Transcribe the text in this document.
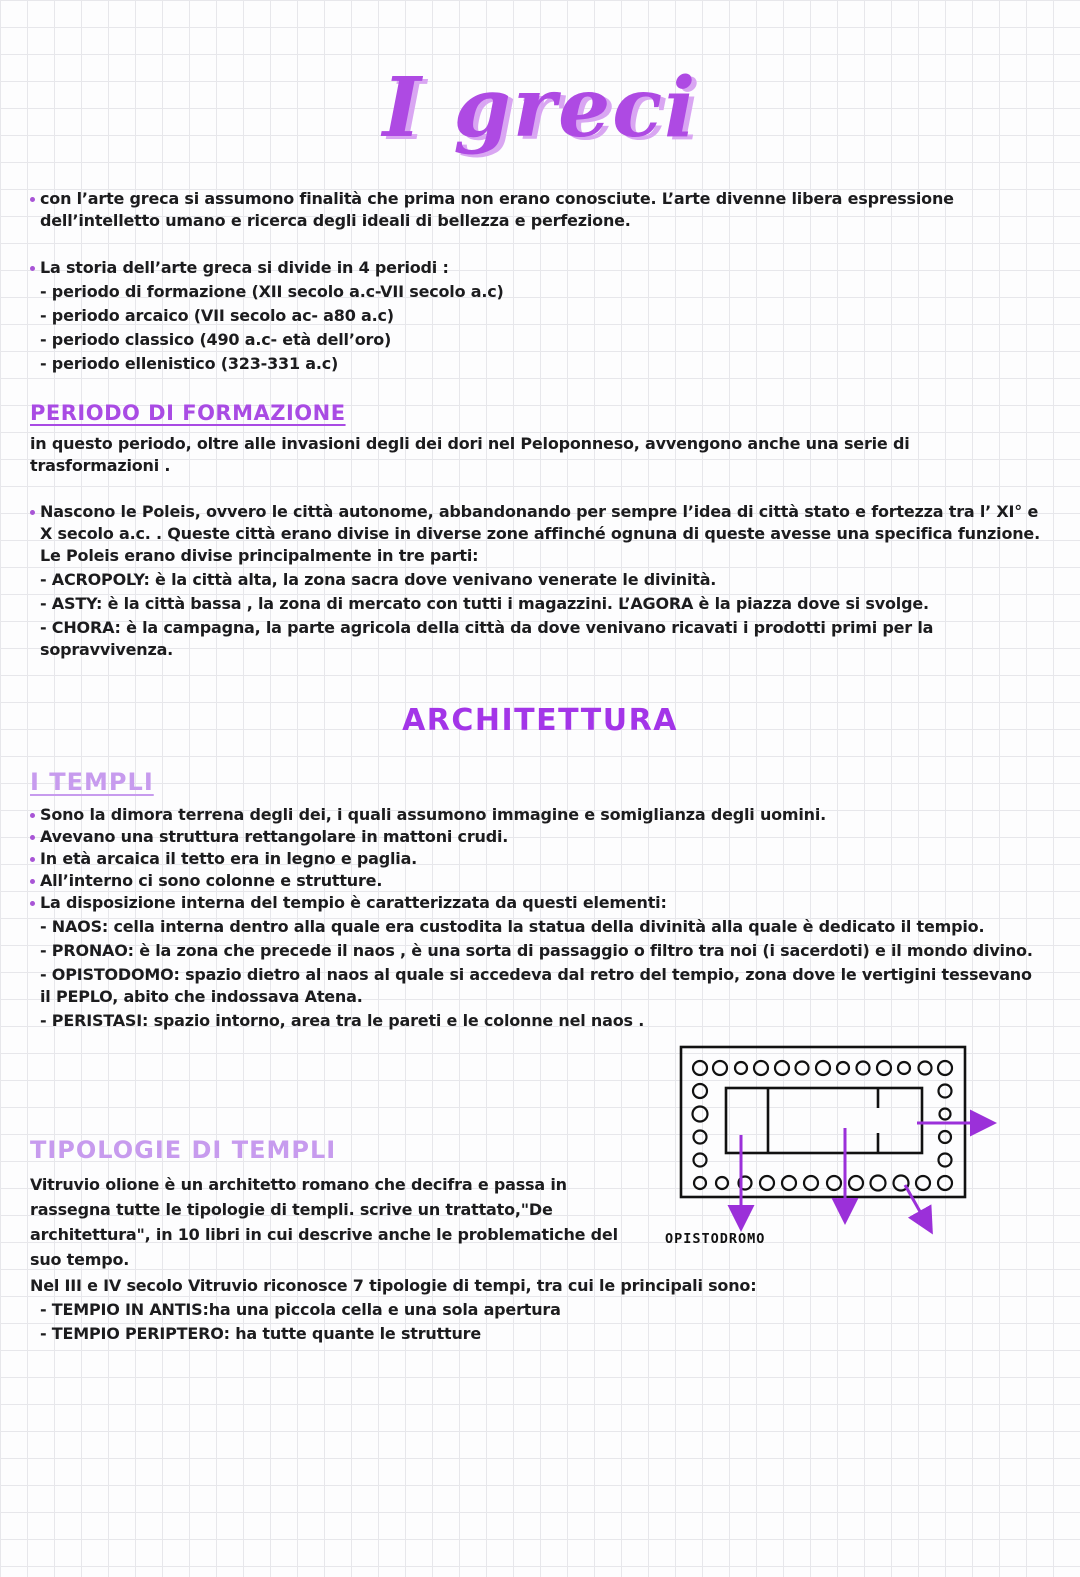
I greci

con l’arte greca si assumono finalità che prima non erano conosciute. L’arte divenne libera espressione dell’intelletto umano e ricerca degli ideali di bellezza e perfezione.

La storia dell’arte greca si divide in 4 periodi :

- periodo di formazione (XII secolo a.c-VII secolo a.c)

- periodo arcaico (VII secolo ac- a80 a.c)

- periodo classico (490 a.c- età dell’oro)

- periodo ellenistico (323-331 a.c)

PERIODO DI FORMAZIONE

in questo periodo, oltre alle invasioni degli dei dori nel Peloponneso, avvengono anche una serie di trasformazioni .

Nascono le Poleis, ovvero le città autonome, abbandonando per sempre l’idea di città stato e fortezza tra l’ XI° e X secolo a.c. . Queste città erano divise in diverse zone affinché ognuna di queste avesse una specifica funzione. Le Poleis erano divise principalmente in tre parti:

- ACROPOLY: è la città alta, la zona sacra dove venivano venerate le divinità.

- ASTY: è la città bassa , la zona di mercato con tutti i magazzini. L’AGORA è la piazza dove si svolge.

- CHORA: è la campagna, la parte agricola della città da dove venivano ricavati i prodotti primi per la sopravvivenza.

ARCHITETTURA
I TEMPLI

Sono la dimora terrena degli dei, i quali assumono immagine e somiglianza degli uomini.

Avevano una struttura rettangolare in mattoni crudi.

In età arcaica il tetto era in legno e paglia.

All’interno ci sono colonne e strutture.

La disposizione interna del tempio è caratterizzata da questi elementi:

- NAOS: cella interna dentro alla quale era custodita la statua della divinità alla quale è dedicato il tempio.

- PRONAO: è la zona che precede il naos , è una sorta di passaggio o filtro tra noi (i sacerdoti) e il mondo divino.

- OPISTODOMO: spazio dietro al naos al quale si accedeva dal retro del tempio, zona dove le vertigini tessevano il PEPLO, abito che indossava Atena.

- PERISTASI: spazio intorno, area tra le pareti e le colonne nel naos .

TIPOLOGIE DI TEMPLI

Vitruvio olione è un architetto romano che decifra e passa in rassegna tutte le tipologie di templi. scrive un trattato,"De architettura", in 10 libri in cui descrive anche le problematiche del suo tempo.

Nel III e IV secolo Vitruvio riconosce 7 tipologie di tempi, tra cui le principali sono:

- TEMPIO IN ANTIS:ha una piccola cella e una sola apertura

- TEMPIO PERIPTERO: ha tutte quante le strutture

OPISTODROMO
